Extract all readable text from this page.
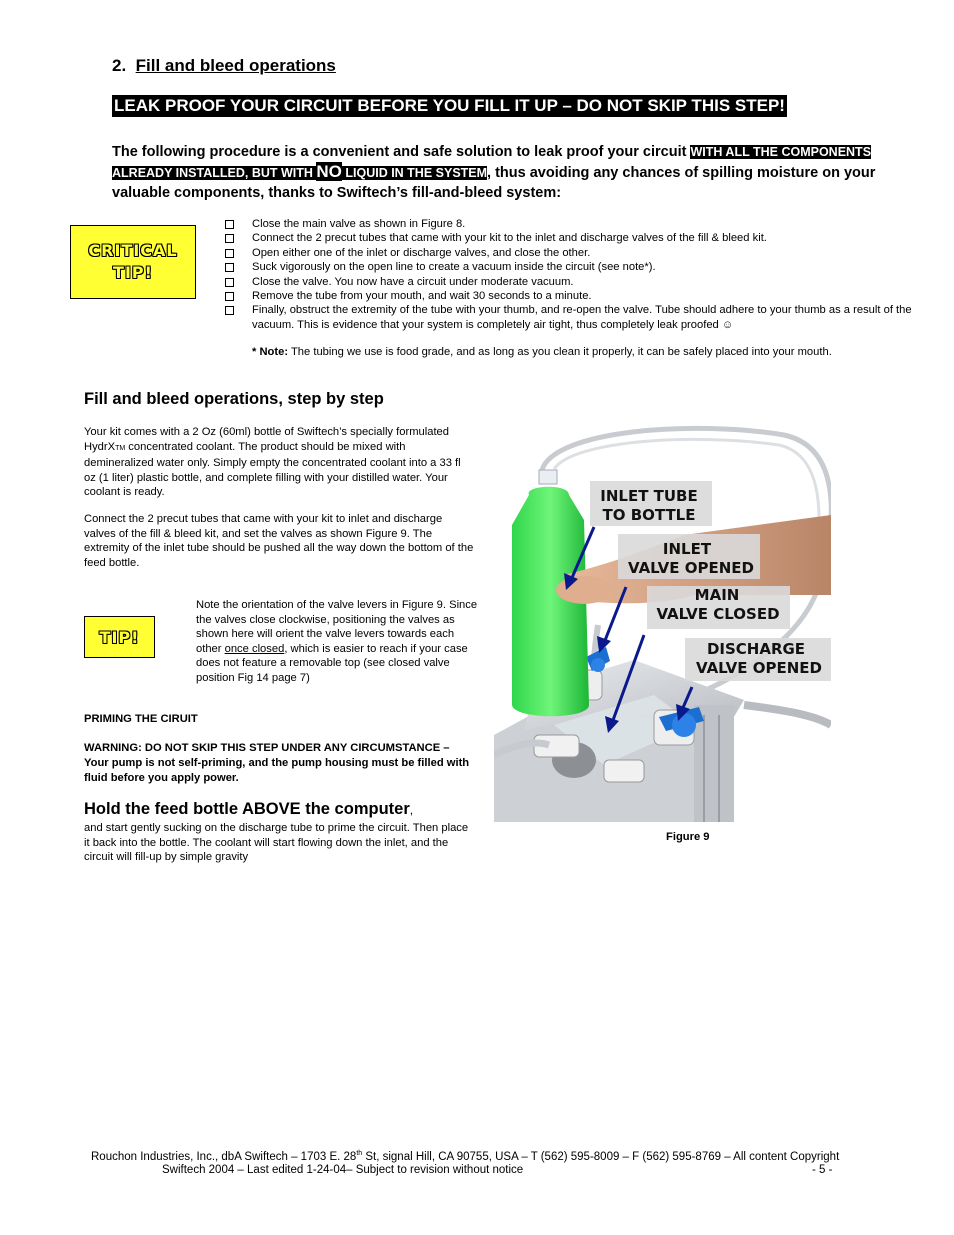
2. Fill and bleed operations
LEAK PROOF YOUR CIRCUIT BEFORE YOU FILL IT UP – DO NOT SKIP THIS STEP!
The following procedure is a convenient and safe solution to leak proof your circuit WITH ALL THE COMPONENTS ALREADY INSTALLED, BUT WITH NO LIQUID IN THE SYSTEM, thus avoiding any chances of spilling moisture on your valuable components, thanks to Swiftech’s fill-and-bleed system:
CRITICAL
TIP!
Close the main valve as shown in Figure 8.
Connect the 2 precut tubes that came with your kit to the inlet and discharge valves of the fill & bleed kit.
Open either one of the inlet or discharge valves, and close the other.
Suck vigorously on the open line to create a vacuum inside the circuit (see note*).
Close the valve. You now have a circuit under moderate vacuum.
Remove the tube from your mouth, and wait 30 seconds to a minute.
Finally, obstruct the extremity of the tube with your thumb, and re-open the valve. Tube should adhere to your thumb as a result of the vacuum. This is evidence that your system is completely air tight, thus completely leak proofed ☺
* Note: The tubing we use is food grade, and as long as you clean it properly, it can be safely placed into your mouth.
Fill and bleed operations, step by step
Your kit comes with a 2 Oz (60ml) bottle of Swiftech’s specially formulated HydrXTM concentrated coolant. The product should be mixed with demineralized water only. Simply empty the concentrated coolant into a 33 fl oz (1 liter) plastic bottle, and complete filling with your distilled water. Your coolant is ready.
Connect the 2 precut tubes that came with your kit to inlet and discharge valves of the fill & bleed kit, and set the valves as shown Figure 9. The extremity of the inlet tube should be pushed all the way down the bottom of the feed bottle.
TIP!
Note the orientation of the valve levers in Figure 9. Since the valves close clockwise, positioning the valves as shown here will orient the valve levers towards each other once closed, which is easier to reach if your case does not feature a removable top (see closed valve position Fig 14 page 7)
PRIMING THE CIRUIT
WARNING: DO NOT SKIP THIS STEP UNDER ANY CIRCUMSTANCE – Your pump is not self-priming, and the pump housing must be filled with fluid before you apply power.
Hold the feed bottle ABOVE the computer,
and start gently sucking on the discharge tube to prime the circuit. Then place it back into the bottle. The coolant will start flowing down the inlet, and the circuit will fill-up by simple gravity
INLET TUBE
TO BOTTLE
INLET
VALVE OPENED
MAIN
VALVE CLOSED
DISCHARGE
VALVE OPENED
Figure 9
Rouchon Industries, Inc., dbA Swiftech – 1703 E. 28th St, signal Hill, CA 90755, USA – T (562) 595-8009 – F (562) 595-8769 – All content Copyright
Swiftech 2004 – Last edited 1-24-04– Subject to revision without notice	- 5 -
